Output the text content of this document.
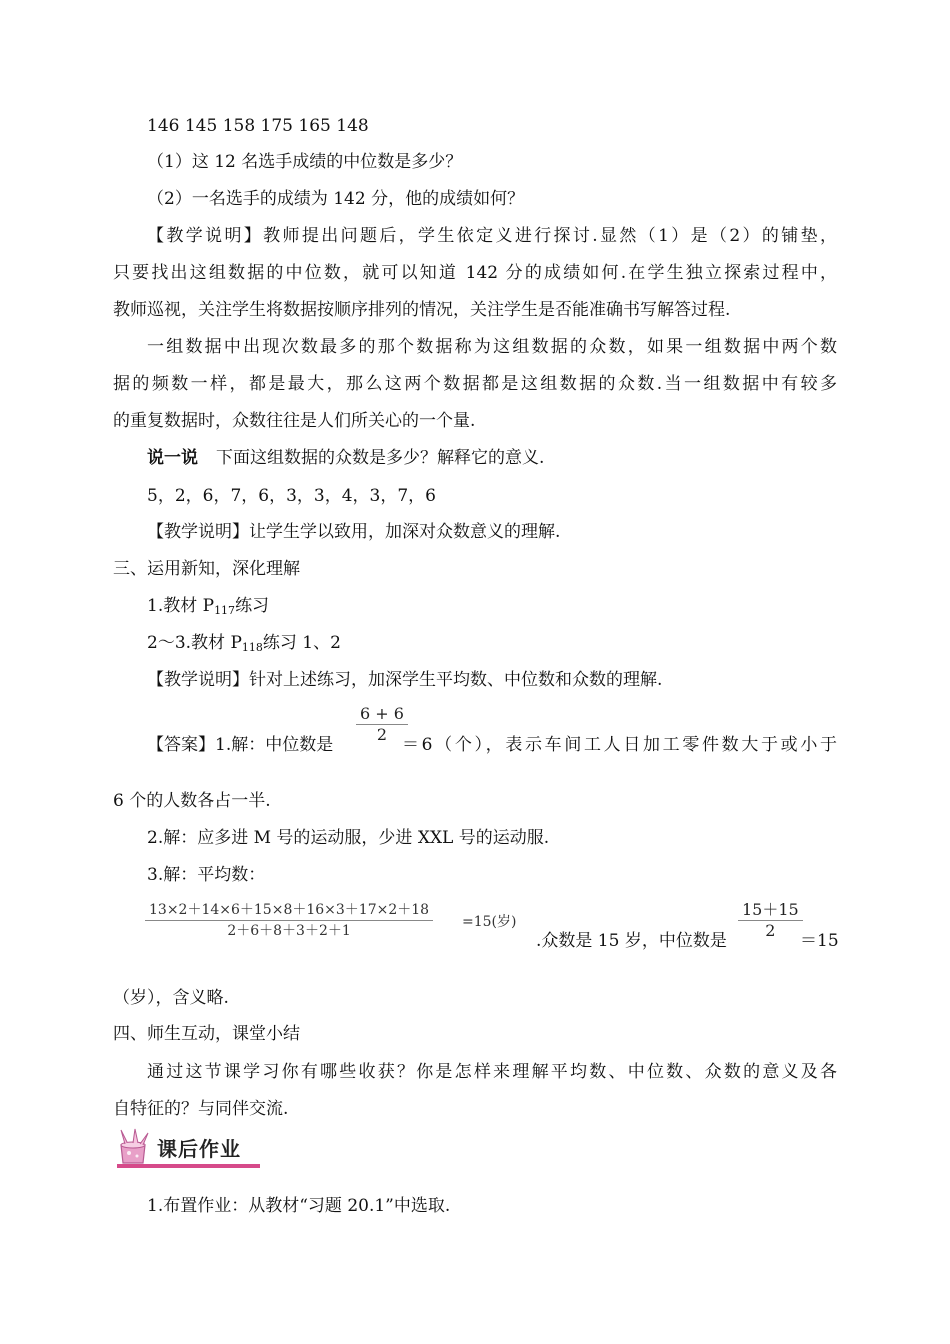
146 145 158 175 165 148
（1）这 12 名选手成绩的中位数是多少？
（2）一名选手的成绩为 142 分，他的成绩如何？
【教学说明】教师提出问题后，学生依定义进行探讨.显然（1）是（2）的铺垫，
只要找出这组数据的中位数，就可以知道 142 分的成绩如何.在学生独立探索过程中，
教师巡视，关注学生将数据按顺序排列的情况，关注学生是否能准确书写解答过程.
一组数据中出现次数最多的那个数据称为这组数据的众数，如果一组数据中两个数
据的频数一样，都是最大，那么这两个数据都是这组数据的众数.当一组数据中有较多
的重复数据时，众数往往是人们所关心的一个量.
说一说 下面这组数据的众数是多少？解释它的意义.
5，2，6，7，6，3，3，4，3，7，6
【教学说明】让学生学以致用，加深对众数意义的理解.
三、运用新知，深化理解
1.教材 $P_{117}$练习
2～3.教材 $P_{118}$练习 1、2
【教学说明】针对上述练习，加深学生平均数、中位数和众数的理解.
【答案】1.解：中位数是 $\frac{6 + 6}{2}$
＝6（个），表示车间工人日加工零件数大于或小于
6 个的人数各占一半.
2.解：应多进 M 号的运动服，少进 XXL 号的运动服.
3.解：平均数：
$\frac{13\times 2+14\times 6+15\times 8+16\times 3+17\times 2+18}{2+6+8+3+2+1} =15$(岁)
.众数是 15 岁，中位数是 $\frac{15+15}{2}$
＝15
（岁），含义略.
四、师生互动，课堂小结
通过这节课学习你有哪些收获？你是怎样来理解平均数、中位数、众数的意义及各
自特征的？与同伴交流.
课后作业
1.布置作业：从教材“习题 20.1”中选取.
